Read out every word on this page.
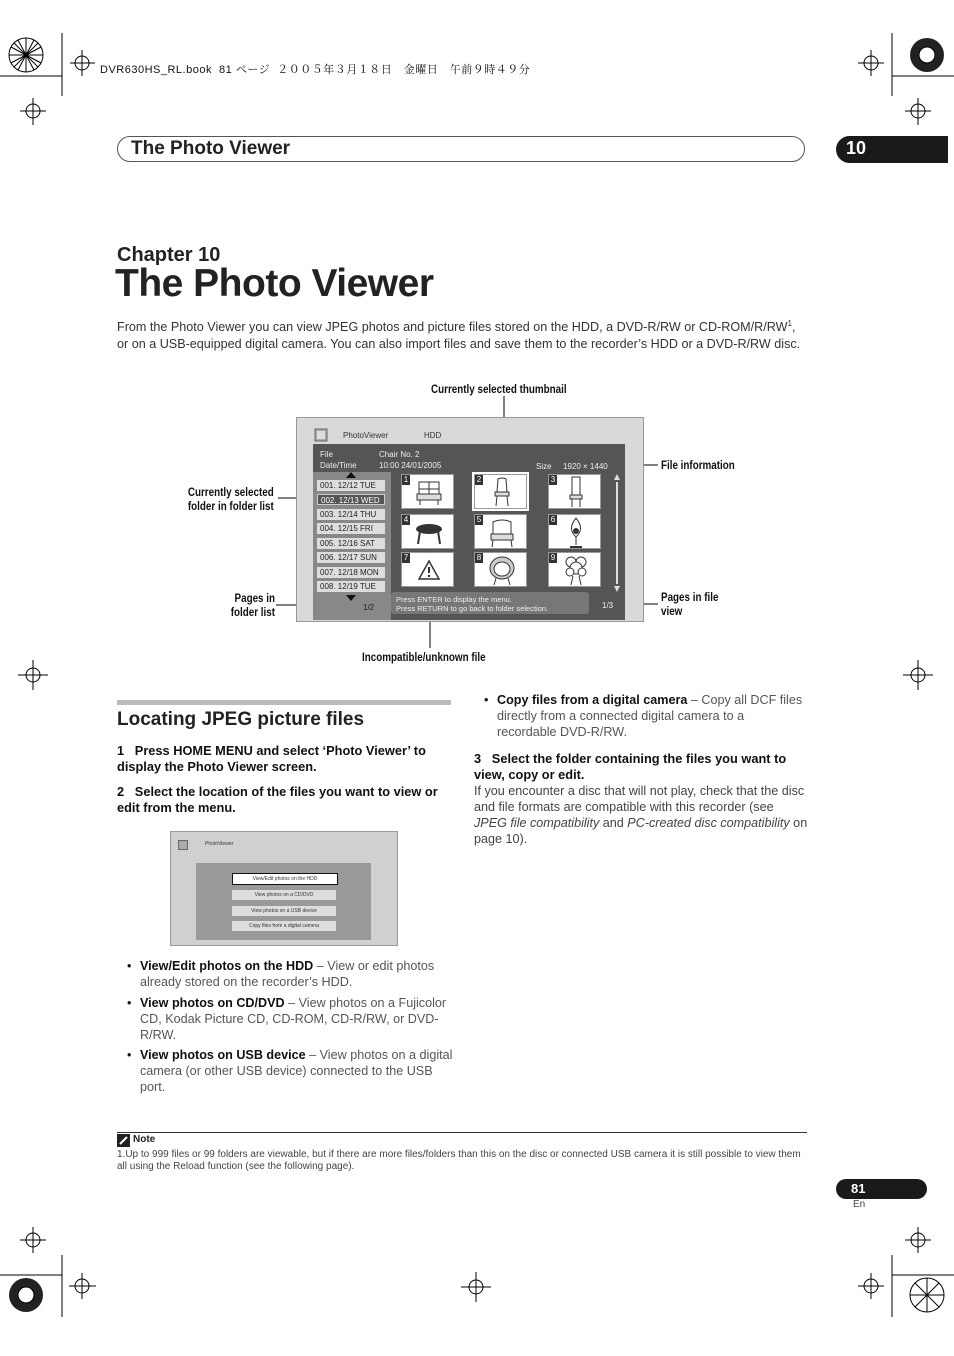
DVR630HS_RL.book  81 ページ  ２００５年３月１８日　金曜日　午前９時４９分
The Photo Viewer	10
Chapter 10
The Photo Viewer
From the Photo Viewer you can view JPEG photos and picture files stored on the HDD, a DVD-R/RW or $CD-ROM/R/RW^1$, or on a USB-equipped digital camera. You can also import files and save them to the recorder’s HDD or a DVD-R/RW disc.
Currently selected thumbnail
File information
Currently selected
folder in folder list
Pages in
folder list
Pages in file
view
Incompatible/unknown file
PhotoViewer	HDD
File	Chair No. 2
Date/Time	10:00 24/01/2005	Size 1920 × 1440
001. 12/12 TUE
002. 12/13 WED
003. 12/14 THU
004. 12/15 FRI
005. 12/16 SAT
006. 12/17 SUN
007. 12/18 MON
008. 12/19 TUE
1/2
1	2	3
4	5	6
7	8	9
Press ENTER to display the menu.
Press RETURN to go back to folder selection.	1/3
Locating JPEG picture files
1 Press HOME MENU and select ‘Photo Viewer’ to display the Photo Viewer screen.
2 Select the location of the files you want to view or edit from the menu.
PhotoViewer
View/Edit photos on the HDD
View photos on a CD/DVD
View photos on a USB device
Copy files from a digital camera
• View/Edit photos on the HDD – View or edit photos already stored on the recorder’s HDD.
• View photos on CD/DVD – View photos on a Fujicolor CD, Kodak Picture CD, CD-ROM, CD-R/RW, or DVD-R/RW.
• View photos on USB device – View photos on a digital camera (or other USB device) connected to the USB port.
• Copy files from a digital camera – Copy all DCF files directly from a connected digital camera to a recordable DVD-R/RW.
3 Select the folder containing the files you want to view, copy or edit.
If you encounter a disc that will not play, check that the disc and file formats are compatible with this recorder (see JPEG file compatibility and PC-created disc compatibility on page 10).
Note
1.Up to 999 files or 99 folders are viewable, but if there are more files/folders than this on the disc or connected USB camera it is still possible to view them all using the Reload function (see the following page).
81
En
